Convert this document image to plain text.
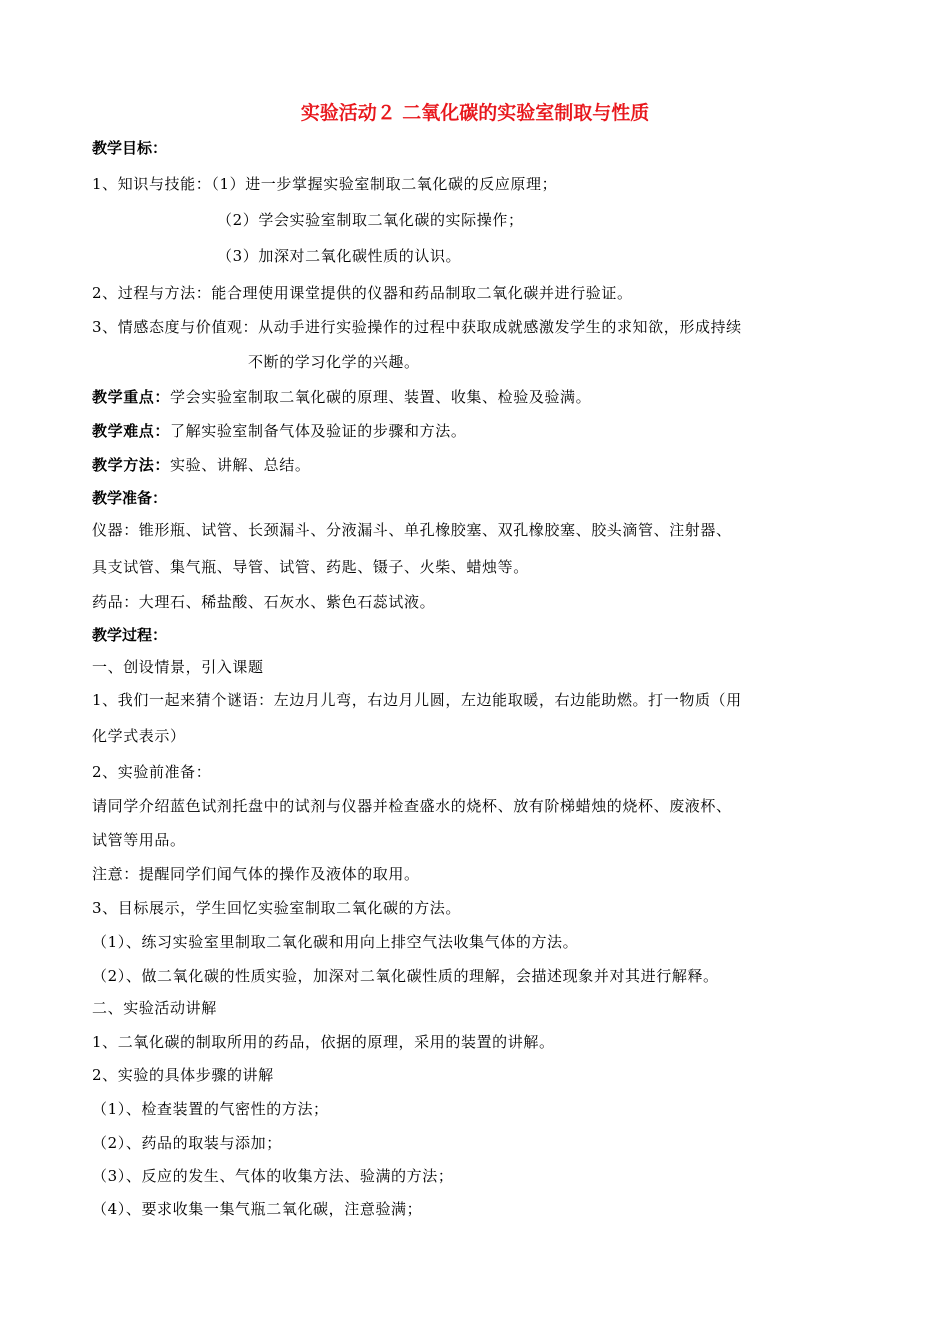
实验活动２ 二氧化碳的实验室制取与性质
教学目标：
1、知识与技能：（1）进一步掌握实验室制取二氧化碳的反应原理；
（2）学会实验室制取二氧化碳的实际操作；
（3）加深对二氧化碳性质的认识。
2、过程与方法：能合理使用课堂提供的仪器和药品制取二氧化碳并进行验证。
3、情感态度与价值观：从动手进行实验操作的过程中获取成就感激发学生的求知欲，形成持续
不断的学习化学的兴趣。
教学重点：学会实验室制取二氧化碳的原理、装置、收集、检验及验满。
教学难点：了解实验室制备气体及验证的步骤和方法。
教学方法：实验、讲解、总结。
教学准备：
仪器：锥形瓶、试管、长颈漏斗、分液漏斗、单孔橡胶塞、双孔橡胶塞、胶头滴管、注射器、
具支试管、集气瓶、导管、试管、药匙、镊子、火柴、蜡烛等。
药品：大理石、稀盐酸、石灰水、紫色石蕊试液。
教学过程：
一、创设情景，引入课题
1、我们一起来猜个谜语：左边月儿弯，右边月儿圆，左边能取暖，右边能助燃。打一物质（用
化学式表示）
2、实验前准备：
请同学介绍蓝色试剂托盘中的试剂与仪器并检查盛水的烧杯、放有阶梯蜡烛的烧杯、废液杯、
试管等用品。
注意：提醒同学们闻气体的操作及液体的取用。
3、目标展示，学生回忆实验室制取二氧化碳的方法。
（1）、练习实验室里制取二氧化碳和用向上排空气法收集气体的方法。
（2）、做二氧化碳的性质实验，加深对二氧化碳性质的理解，会描述现象并对其进行解释。
二、实验活动讲解
1、二氧化碳的制取所用的药品，依据的原理，采用的装置的讲解。
2、实验的具体步骤的讲解
（1）、检查装置的气密性的方法；
（2）、药品的取装与添加；
（3）、反应的发生、气体的收集方法、验满的方法；
（4）、要求收集一集气瓶二氧化碳，注意验满；
